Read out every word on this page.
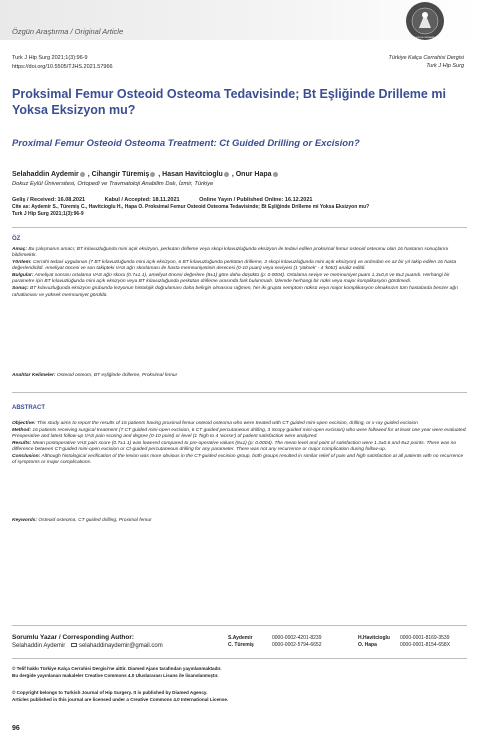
Özgün Araştırma / Original Article
TÜRKİYE KALÇA CERRAHİSİ DERGİSİ
Turk J Hip Surg 2021;1(3):96-9
https://doi.org/10.5505/TJHS.2021.57966
Türkiye Kalça Cerrahisi Dergisi
Turk J Hip Surg
Proksimal Femur Osteoid Osteoma Tedavisinde; Bt Eşliğinde Drilleme mi Yoksa Eksizyon mu?
Proximal Femur Osteoid Osteoma Treatment: Ct Guided Drilling or Excision?
Selahaddin Aydemir , Cihangir Türemiş , Hasan Havitcioglu , Onur Hapa
Dokuz Eylül Üniversitesi, Ortopedi ve Travmatoloji Anabilim Dalı, İzmir, Türkiye
Geliş / Received: 16.08.2021	Kabul / Accepted: 18.11.2021	Online Yayın / Published Online: 16.12.2021
Cite as: Aydemir S., Türemiş C., Havitcioglu H., Hapa O. Proksimal Femur Osteoid Osteoma Tedavisinde; Bt Eşliğinde Drilleme mi Yoksa Eksizyon mu?
Turk J Hip Surg 2021;1(3):96-9
ÖZ

Amaç: Bu çalışmanın amacı; BT kılavuzluğunda mini açık eksizyon, perkutan drilleme veya skopi kılavuzluğunda eksizyon ile tedavi edilen proksimal femur osteoid osteomu olan 16 hastanın sonuçlarını bildirmektir.

Yöntem: Cerrahi tedavi uygulanan (7 BT kılavuzluğunda mini açık eksizyon, 6 BT kılavuzluğunda perkütan drilleme, 3 skopi kılavuzluğunda mini açık eksizyon) ve ardından en az bir yıl takip edilen 16 hasta değerlendirildi. Ameliyat öncesi ve son takipteki VAS ağrı skorlaması ile hasta memnuniyetinin derecesi (0-10 puan) veya seviyesi (1 'yüksek' - 4 'kötü') analiz edildi.

Bulgular: Ameliyat sonrası ortalama VAS ağrı skoru (0.7±1.1), ameliyat öncesi değerlere (8±1) göre daha düşüktü (p: 0.0004). Ortalama seviye ve memnuniyet puanı 1,3±0,6 ve 8±2 puandı. Herhangi bir parametre için BT kılavuzluğunda mini açık eksizyon veya BT kılavuzluğunda perkütan drilleme arasında fark bulunmadı. İzlemde herhangi bir nüks veya major komplikasyon görülmedi.

Sonuç: BT kılavuzluğunda eksizyon grubunda lezyonun histolojik doğrulaması daha belirgin olmasına rağmen, her iki grupta semptom nüksü veya major komplikasyon olmaksızın tüm hastalarda benzer ağrı rahatlaması ve yüksek memnuniyet görüldü.

Anahtar Kelimeler: Osteoid osteom, BT eşliğinde drilleme, Proksimal femur
ABSTRACT

Objective: This study aims to report the results of 16 patients having proximal femur osteoid osteoma who were treated with CT guided mini-open excision, drilling, or x-ray guided excision

Method: 16 patients receiving surgical treatment (7 CT guided mini-open excision, 6 CT guided percutaneous drilling, 3 Scopy guided mini-open excision) who were followed for at least one year were evaluated. Preoperative and latest follow-up VAS pain scoring and degree (0-10 point) or level (1 'high to 4 'worse') of patient satisfaction were analyzed.

Results: Mean postoperative VAS pain score (0.7±1.1) was lowered compared to pre-operative values (8±1) (p: 0.0004). The mean level and point of satisfaction were 1.3±0.6 and 8±2 points. There was no difference between CT-guided mini-open excision or Ct-guided percutaneous drilling for any parameter. There was not any recurrence or major complication during follow-up.

Conclusion: Although histological verification of the lesion was more obvious in the CT-guided excision group, both groups resulted in similar relief of pain and high satisfaction at all patients with no recurrence of symptoms or major complications.

Keywords: Osteoid osteoma, CT guided drilling, Proximal femur
Sorumlu Yazar / Corresponding Author:
Selahaddin Aydemir selahaddinaydemir@gmail.com
S.Aydemir
C. Türemiş
0000-0002-4201-8239
0000-0002-5794-6652
H.Havitcioglu
O. Hapa
0000-0001-8169-3539
0000-0001-8154-658X
© Telif hakkı Türkiye Kalça Cerrahisi Dergisi'ne aittir. Diamed Ajans tarafından yayınlanmaktadır.
Bu dergide yayınlanan makaleler Creative Commons 4.0 Uluslararası Lisans ile lisanslanmıştır.
© Copyright belongs to Turkish Journal of Hip Surgery. It is published by Diamed Agency.
Articles published in this journal are licensed under a Creative Commons 4.0 International License.
96
